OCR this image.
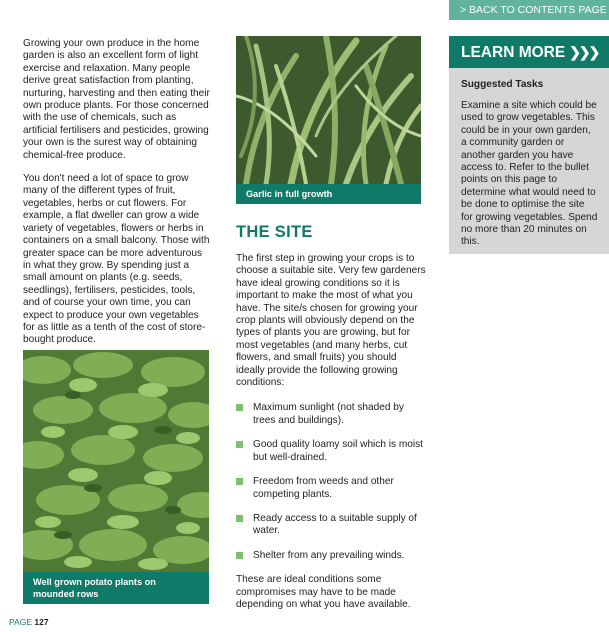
> BACK TO CONTENTS PAGE

Growing your own produce in the home garden is also an excellent form of light exercise and relaxation. Many people derive great satisfaction from planting, nurturing, harvesting and then eating their own produce plants. For those concerned with the use of chemicals, such as artificial fertilisers and pesticides, growing your own is the surest way of obtaining chemical-free produce.

You don't need a lot of space to grow many of the different types of fruit, vegetables, herbs or cut flowers. For example, a flat dweller can grow a wide variety of vegetables, flowers or herbs in containers on a small balcony. Those with greater space can be more adventurous in what they grow. By spending just a small amount on plants (e.g. seeds, seedlings), fertilisers, pesticides, tools, and of course your own time, you can expect to produce your own vegetables for as little as a tenth of the cost of store-bought produce.

Garlic in full growth
Well grown potato plants on mounded rows
THE SITE

The first step in growing your crops is to choose a suitable site. Very few gardeners have ideal growing conditions so it is important to make the most of what you have. The site/s chosen for growing your crop plants will obviously depend on the types of plants you are growing, but for most vegetables (and many herbs, cut flowers, and small fruits) you should ideally provide the following growing conditions:

Maximum sunlight (not shaded by trees and buildings).
Good quality loamy soil which is moist but well-drained.
Freedom from weeds and other competing plants.
Ready access to a suitable supply of water.
Shelter from any prevailing winds.

These are ideal conditions some compromises may have to be made depending on what you have available.

LEARN MORE ❯❯❯
Suggested Tasks

Examine a site which could be used to grow vegetables. This could be in your own garden, a community garden or another garden you have access to. Refer to the bullet points on this page to determine what would need to be done to optimise the site for growing vegetables. Spend no more than 20 minutes on this.

PAGE 127
